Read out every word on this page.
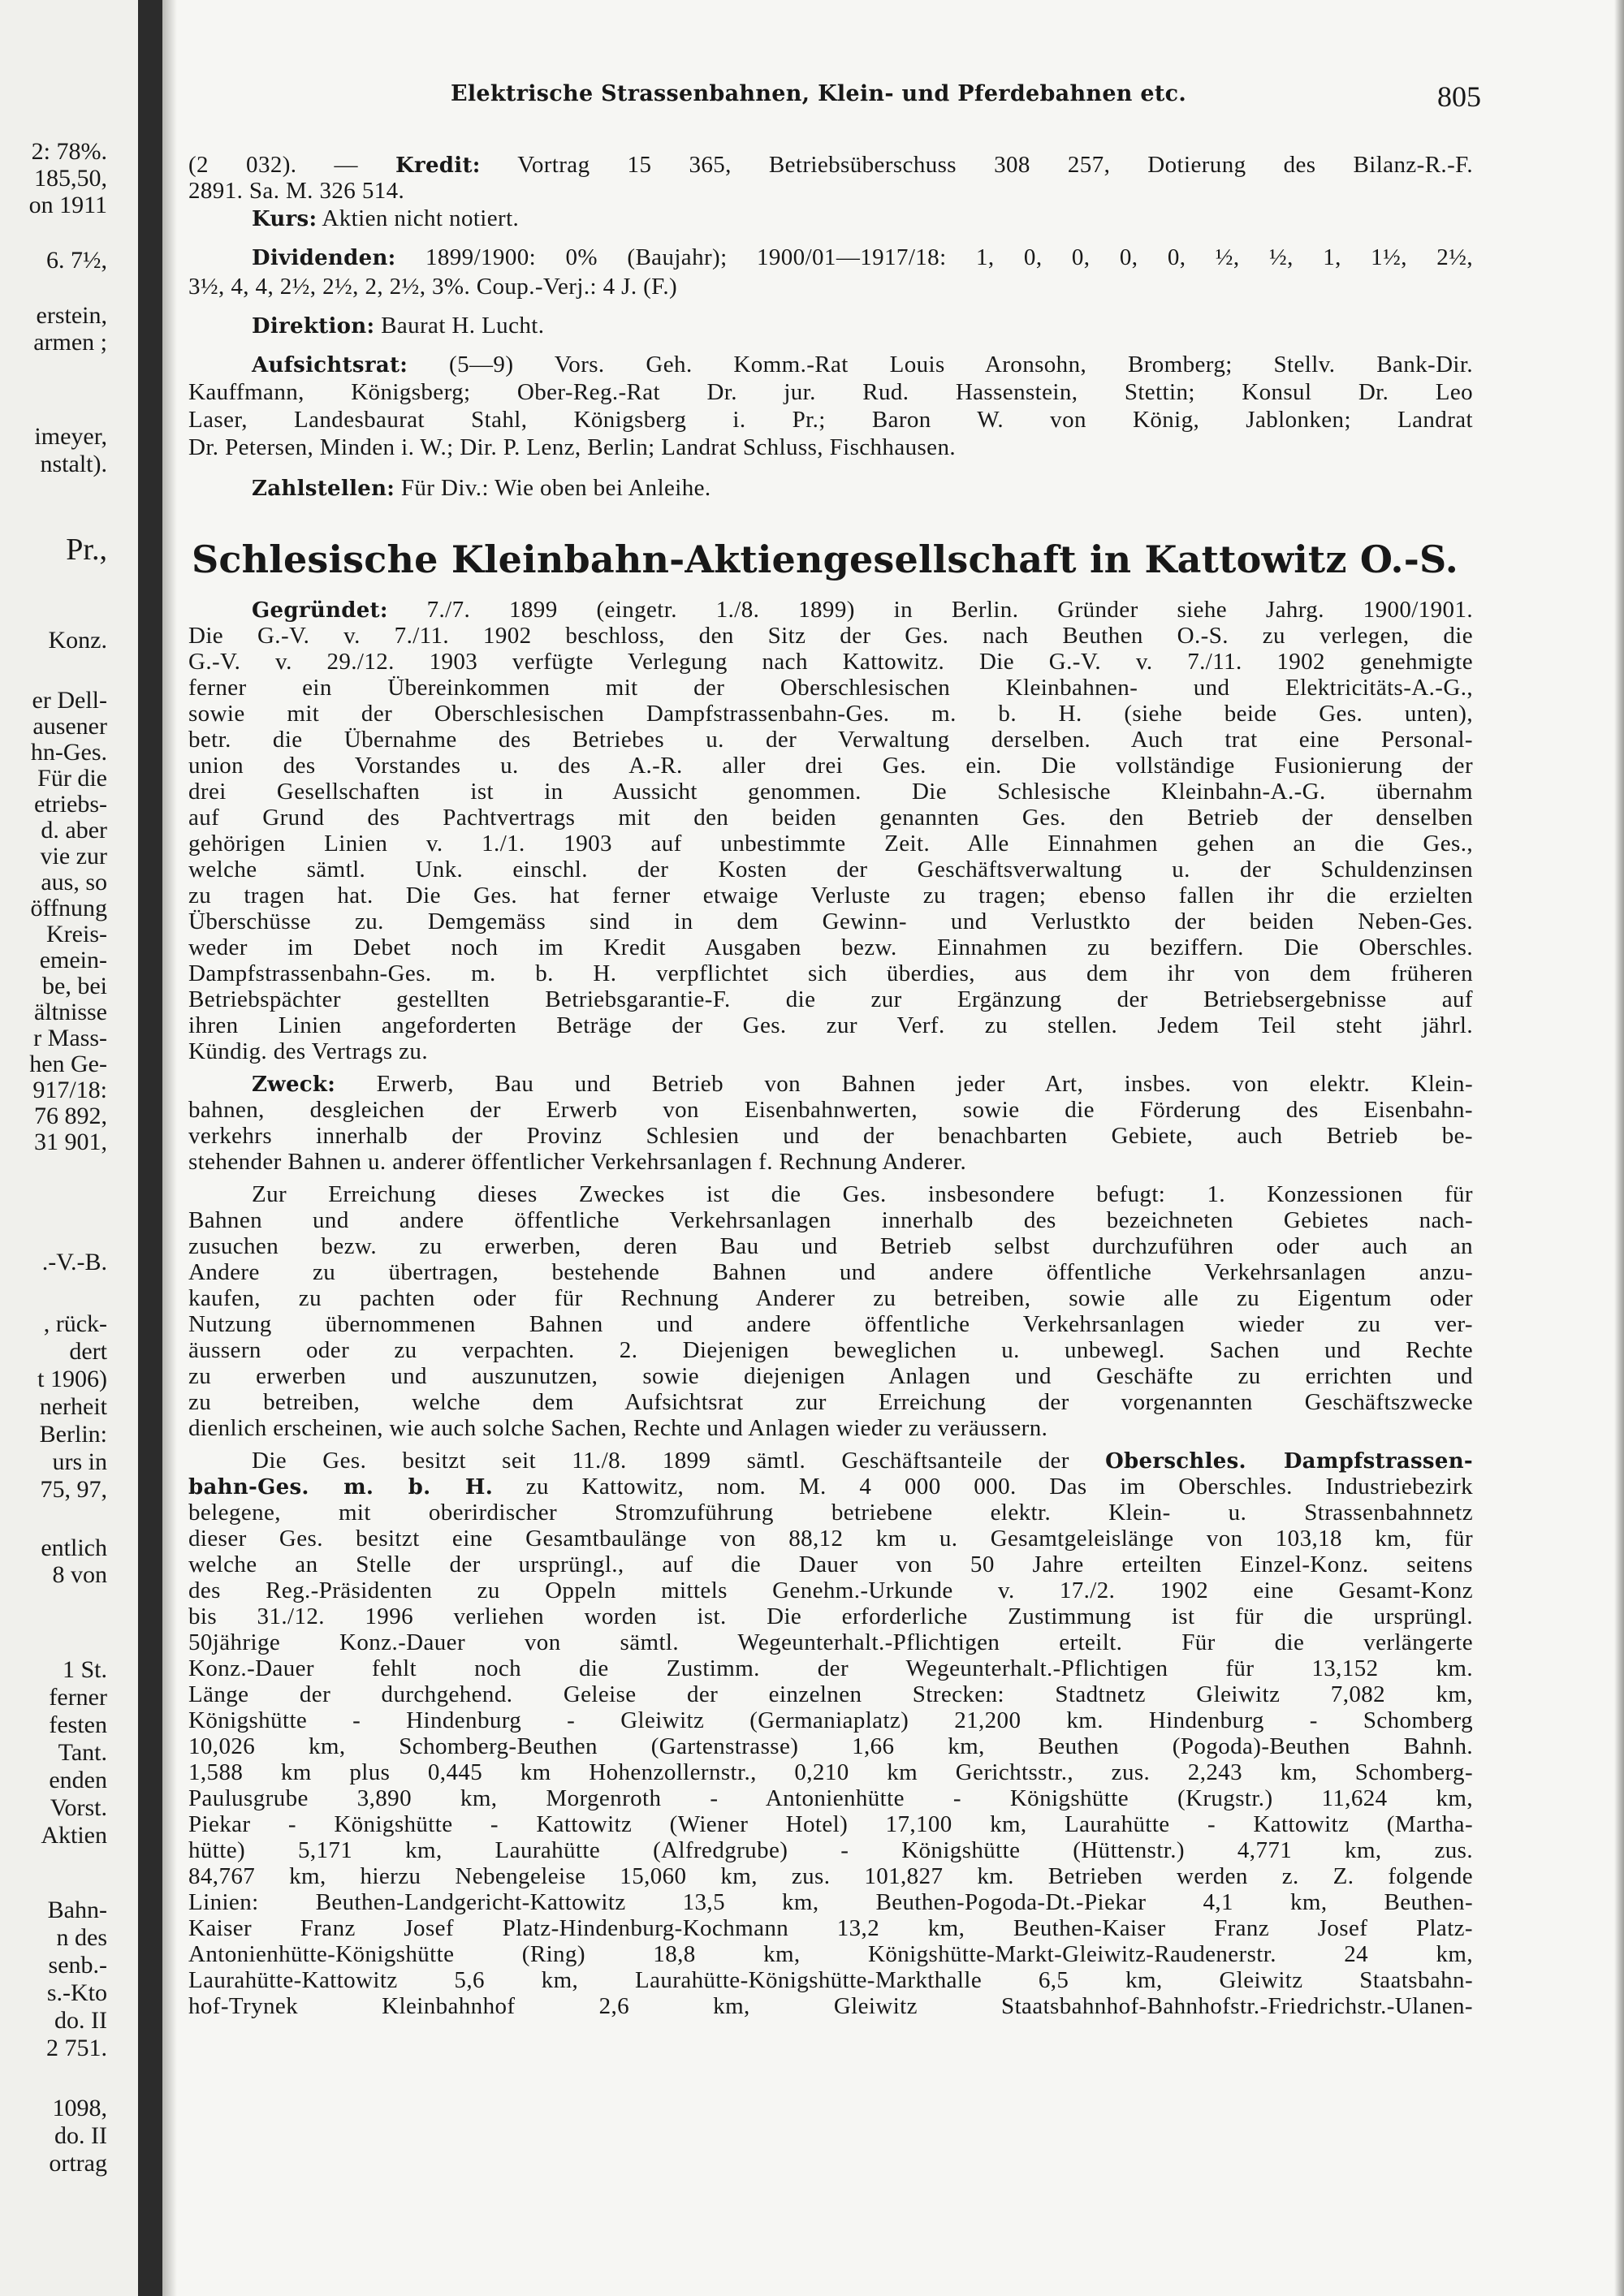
2: 78%.
185,50,
on 1911
6. 7½,
erstein,
armen ;
imeyer,
nstalt).
Pr.,
Konz.
er Dell-
ausener
hn-Ges.
Für die
etriebs-
d. aber
vie zur
aus, so
öffnung
Kreis-
emein-
be, bei
ältnisse
r Mass-
hen Ge-
917/18:
76 892,
31 901,
.-V.-B.
, rück-
dert
t 1906)
nerheit
Berlin:
urs in
75, 97,
entlich
8 von
1 St.
ferner
festen
Tant.
enden
Vorst.
Aktien
Bahn-
n des
senb.-
s.-Kto
do. II
2 751.
1098,
do. II
ortrag
Elektrische Strassenbahnen, Klein- und Pferdebahnen etc.	805
(2 032). — Kredit: Vortrag 15 365, Betriebsüberschuss 308 257, Dotierung des Bilanz-R.-F.
2891. Sa. M. 326 514.
Kurs: Aktien nicht notiert.
Dividenden: 1899/1900: 0% (Baujahr); 1900/01—1917/18: 1, 0, 0, 0, 0, ½, ½, 1, 1½, 2½,
3½, 4, 4, 2½, 2½, 2, 2½, 3%. Coup.-Verj.: 4 J. (F.)
Direktion: Baurat H. Lucht.
Aufsichtsrat: (5—9) Vors. Geh. Komm.-Rat Louis Aronsohn, Bromberg; Stellv. Bank-Dir.
Kauffmann, Königsberg; Ober-Reg.-Rat Dr. jur. Rud. Hassenstein, Stettin; Konsul Dr. Leo
Laser, Landesbaurat Stahl, Königsberg i. Pr.; Baron W. von König, Jablonken; Landrat
Dr. Petersen, Minden i. W.; Dir. P. Lenz, Berlin; Landrat Schluss, Fischhausen.
Zahlstellen: Für Div.: Wie oben bei Anleihe.
Schlesische Kleinbahn-Aktiengesellschaft in Kattowitz O.-S.
Gegründet: 7./7. 1899 (eingetr. 1./8. 1899) in Berlin. Gründer siehe Jahrg. 1900/1901.
Die G.-V. v. 7./11. 1902 beschloss, den Sitz der Ges. nach Beuthen O.-S. zu verlegen, die
G.-V. v. 29./12. 1903 verfügte Verlegung nach Kattowitz. Die G.-V. v. 7./11. 1902 genehmigte
ferner ein Übereinkommen mit der Oberschlesischen Kleinbahnen- und Elektricitäts-A.-G.,
sowie mit der Oberschlesischen Dampfstrassenbahn-Ges. m. b. H. (siehe beide Ges. unten),
betr. die Übernahme des Betriebes u. der Verwaltung derselben. Auch trat eine Personal-
union des Vorstandes u. des A.-R. aller drei Ges. ein. Die vollständige Fusionierung der
drei Gesellschaften ist in Aussicht genommen. Die Schlesische Kleinbahn-A.-G. übernahm
auf Grund des Pachtvertrags mit den beiden genannten Ges. den Betrieb der denselben
gehörigen Linien v. 1./1. 1903 auf unbestimmte Zeit. Alle Einnahmen gehen an die Ges.,
welche sämtl. Unk. einschl. der Kosten der Geschäftsverwaltung u. der Schuldenzinsen
zu tragen hat. Die Ges. hat ferner etwaige Verluste zu tragen; ebenso fallen ihr die erzielten
Überschüsse zu. Demgemäss sind in dem Gewinn- und Verlustkto der beiden Neben-Ges.
weder im Debet noch im Kredit Ausgaben bezw. Einnahmen zu beziffern. Die Oberschles.
Dampfstrassenbahn-Ges. m. b. H. verpflichtet sich überdies, aus dem ihr von dem früheren
Betriebspächter gestellten Betriebsgarantie-F. die zur Ergänzung der Betriebsergebnisse auf
ihren Linien angeforderten Beträge der Ges. zur Verf. zu stellen. Jedem Teil steht jährl.
Kündig. des Vertrags zu.
Zweck: Erwerb, Bau und Betrieb von Bahnen jeder Art, insbes. von elektr. Klein-
bahnen, desgleichen der Erwerb von Eisenbahnwerten, sowie die Förderung des Eisenbahn-
verkehrs innerhalb der Provinz Schlesien und der benachbarten Gebiete, auch Betrieb be-
stehender Bahnen u. anderer öffentlicher Verkehrsanlagen f. Rechnung Anderer.
Zur Erreichung dieses Zweckes ist die Ges. insbesondere befugt: 1. Konzessionen für
Bahnen und andere öffentliche Verkehrsanlagen innerhalb des bezeichneten Gebietes nach-
zusuchen bezw. zu erwerben, deren Bau und Betrieb selbst durchzuführen oder auch an
Andere zu übertragen, bestehende Bahnen und andere öffentliche Verkehrsanlagen anzu-
kaufen, zu pachten oder für Rechnung Anderer zu betreiben, sowie alle zu Eigentum oder
Nutzung übernommenen Bahnen und andere öffentliche Verkehrsanlagen wieder zu ver-
äussern oder zu verpachten. 2. Diejenigen beweglichen u. unbewegl. Sachen und Rechte
zu erwerben und auszunutzen, sowie diejenigen Anlagen und Geschäfte zu errichten und
zu betreiben, welche dem Aufsichtsrat zur Erreichung der vorgenannten Geschäftszwecke
dienlich erscheinen, wie auch solche Sachen, Rechte und Anlagen wieder zu veräussern.
Die Ges. besitzt seit 11./8. 1899 sämtl. Geschäftsanteile der Oberschles. Dampfstrassen-
bahn-Ges. m. b. H. zu Kattowitz, nom. M. 4 000 000. Das im Oberschles. Industriebezirk
belegene, mit oberirdischer Stromzuführung betriebene elektr. Klein- u. Strassenbahnnetz
dieser Ges. besitzt eine Gesamtbaulänge von 88,12 km u. Gesamtgeleislänge von 103,18 km, für
welche an Stelle der ursprüngl., auf die Dauer von 50 Jahre erteilten Einzel-Konz. seitens
des Reg.-Präsidenten zu Oppeln mittels Genehm.-Urkunde v. 17./2. 1902 eine Gesamt-Konz
bis 31./12. 1996 verliehen worden ist. Die erforderliche Zustimmung ist für die ursprüngl.
50jährige Konz.-Dauer von sämtl. Wegeunterhalt.-Pflichtigen erteilt. Für die verlängerte
Konz.-Dauer fehlt noch die Zustimm. der Wegeunterhalt.-Pflichtigen für 13,152 km.
Länge der durchgehend. Geleise der einzelnen Strecken: Stadtnetz Gleiwitz 7,082 km,
Königshütte - Hindenburg - Gleiwitz (Germaniaplatz) 21,200 km. Hindenburg - Schomberg
10,026 km, Schomberg-Beuthen (Gartenstrasse) 1,66 km, Beuthen (Pogoda)-Beuthen Bahnh.
1,588 km plus 0,445 km Hohenzollernstr., 0,210 km Gerichtsstr., zus. 2,243 km, Schomberg-
Paulusgrube 3,890 km, Morgenroth - Antonienhütte - Königshütte (Krugstr.) 11,624 km,
Piekar - Königshütte - Kattowitz (Wiener Hotel) 17,100 km, Laurahütte - Kattowitz (Martha-
hütte) 5,171 km, Laurahütte (Alfredgrube) - Königshütte (Hüttenstr.) 4,771 km, zus.
84,767 km, hierzu Nebengeleise 15,060 km, zus. 101,827 km. Betrieben werden z. Z. folgende
Linien: Beuthen-Landgericht-Kattowitz 13,5 km, Beuthen-Pogoda-Dt.-Piekar 4,1 km, Beuthen-
Kaiser Franz Josef Platz-Hindenburg-Kochmann 13,2 km, Beuthen-Kaiser Franz Josef Platz-
Antonienhütte-Königshütte (Ring) 18,8 km, Königshütte-Markt-Gleiwitz-Raudenerstr. 24 km,
Laurahütte-Kattowitz 5,6 km, Laurahütte-Königshütte-Markthalle 6,5 km, Gleiwitz Staatsbahn-
hof-Trynek Kleinbahnhof 2,6 km, Gleiwitz Staatsbahnhof-Bahnhofstr.-Friedrichstr.-Ulanen-
